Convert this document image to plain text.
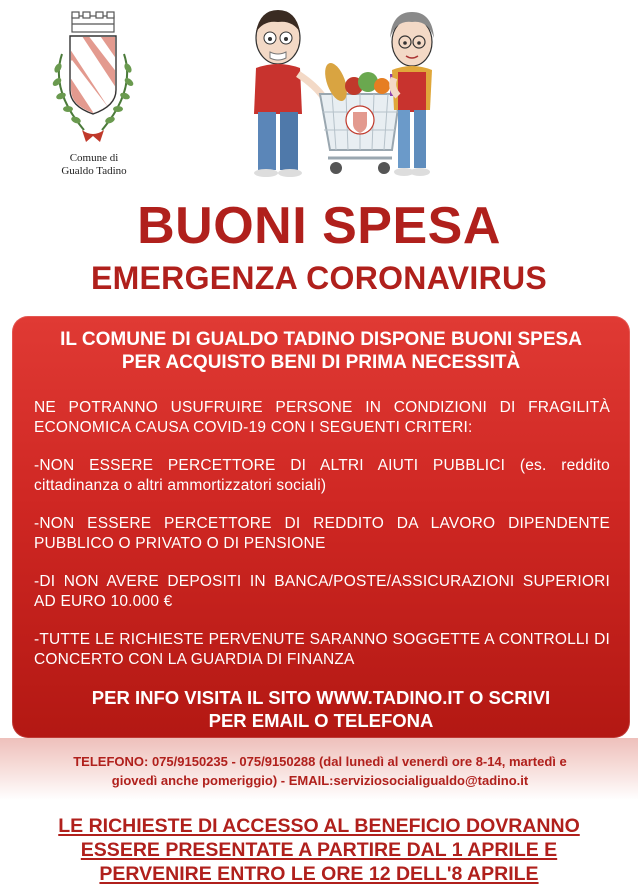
Comune di
Gualdo Tadino
BUONI SPESA
EMERGENZA CORONAVIRUS
IL COMUNE DI GUALDO TADINO DISPONE BUONI SPESA
PER ACQUISTO BENI DI PRIMA NECESSITÀ
NE POTRANNO USUFRUIRE PERSONE IN CONDIZIONI DI FRAGILITÀ ECONOMICA CAUSA COVID-19 CON I SEGUENTI CRITERI:
-NON ESSERE PERCETTORE DI ALTRI AIUTI PUBBLICI (es. reddito cittadinanza o altri ammortizzatori sociali)
-NON ESSERE PERCETTORE DI REDDITO DA LAVORO DIPENDENTE PUBBLICO O PRIVATO O DI PENSIONE
-DI NON AVERE DEPOSITI IN BANCA/POSTE/ASSICURAZIONI SUPERIORI AD EURO 10.000 €
-TUTTE LE RICHIESTE PERVENUTE SARANNO SOGGETTE A CONTROLLI DI CONCERTO CON LA GUARDIA DI FINANZA
PER INFO VISITA IL SITO WWW.TADINO.IT O SCRIVI
PER EMAIL O TELEFONA
TELEFONO: 075/9150235 - 075/9150288 (dal lunedì al venerdì ore 8-14, martedì e
giovedì anche pomeriggio) - EMAIL:serviziosocialigualdo@tadino.it
LE RICHIESTE DI ACCESSO AL BENEFICIO DOVRANNO
ESSERE PRESENTATE A PARTIRE DAL 1 APRILE E
PERVENIRE ENTRO LE ORE 12 DELL'8 APRILE
